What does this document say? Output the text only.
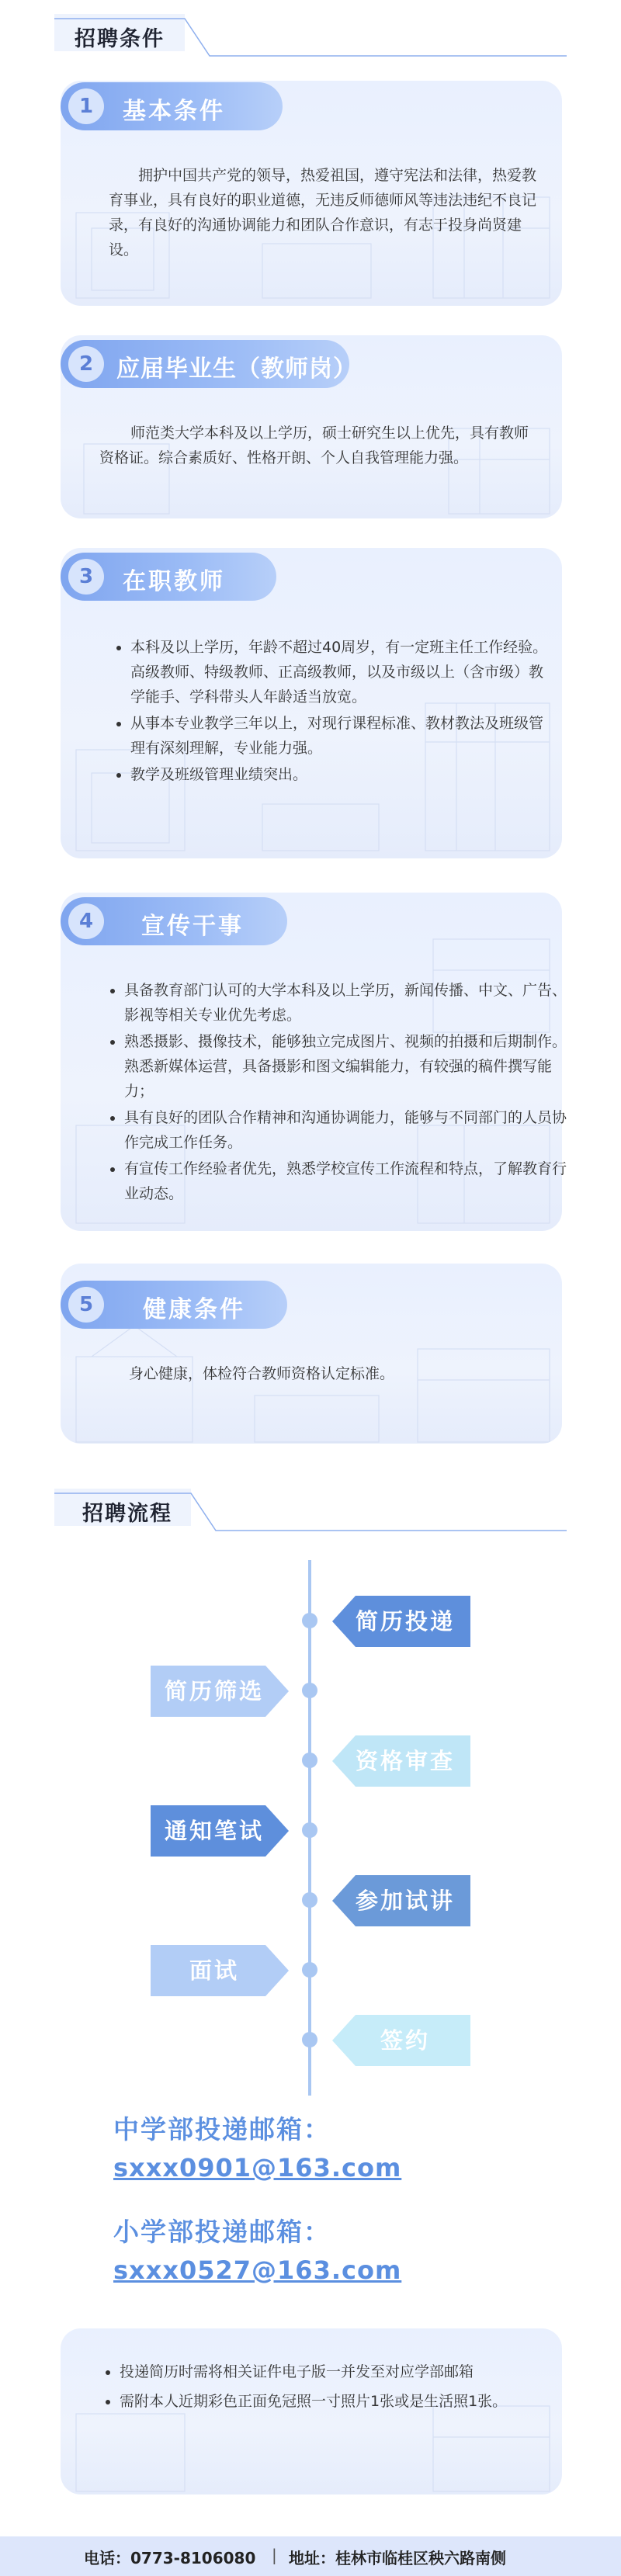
招聘条件
1	基本条件
拥护中国共产党的领导，热爱祖国，遵守宪法和法律，热爱教育事业，具有良好的职业道德，无违反师德师风等违法违纪不良记录，有良好的沟通协调能力和团队合作意识，有志于投身尚贤建设。
2 应届毕业生（教师岗）
师范类大学本科及以上学历，硕士研究生以上优先，具有教师资格证。综合素质好、性格开朗、个人自我管理能力强。
3	在职教师
• 本科及以上学历，年龄不超过40周岁，有一定班主任工作经验。高级教师、特级教师、正高级教师，以及市级以上（含市级）教学能手、学科带头人年龄适当放宽。
• 从事本专业教学三年以上，对现行课程标准、教材教法及班级管理有深刻理解，专业能力强。
• 教学及班级管理业绩突出。
4	宣传干事
• 具备教育部门认可的大学本科及以上学历，新闻传播、中文、广告、影视等相关专业优先考虑。
• 熟悉摄影、摄像技术，能够独立完成图片、视频的拍摄和后期制作。熟悉新媒体运营，具备摄影和图文编辑能力，有较强的稿件撰写能力；
• 具有良好的团队合作精神和沟通协调能力，能够与不同部门的人员协作完成工作任务。
• 有宣传工作经验者优先，熟悉学校宣传工作流程和特点，了解教育行业动态。
5	健康条件
身心健康，体检符合教师资格认定标准。
招聘流程
简历投递
资格审查
参加试讲
签约
简历筛选
通知笔试
面试
中学部投递邮箱：
sxxx0901@163.com
小学部投递邮箱：
sxxx0527@163.com
• 投递简历时需将相关证件电子版一并发至对应学部邮箱
• 需附本人近期彩色正面免冠照一寸照片1张或是生活照1张。
电话：0773-8106080 | 地址：桂林市临桂区秧六路南侧
